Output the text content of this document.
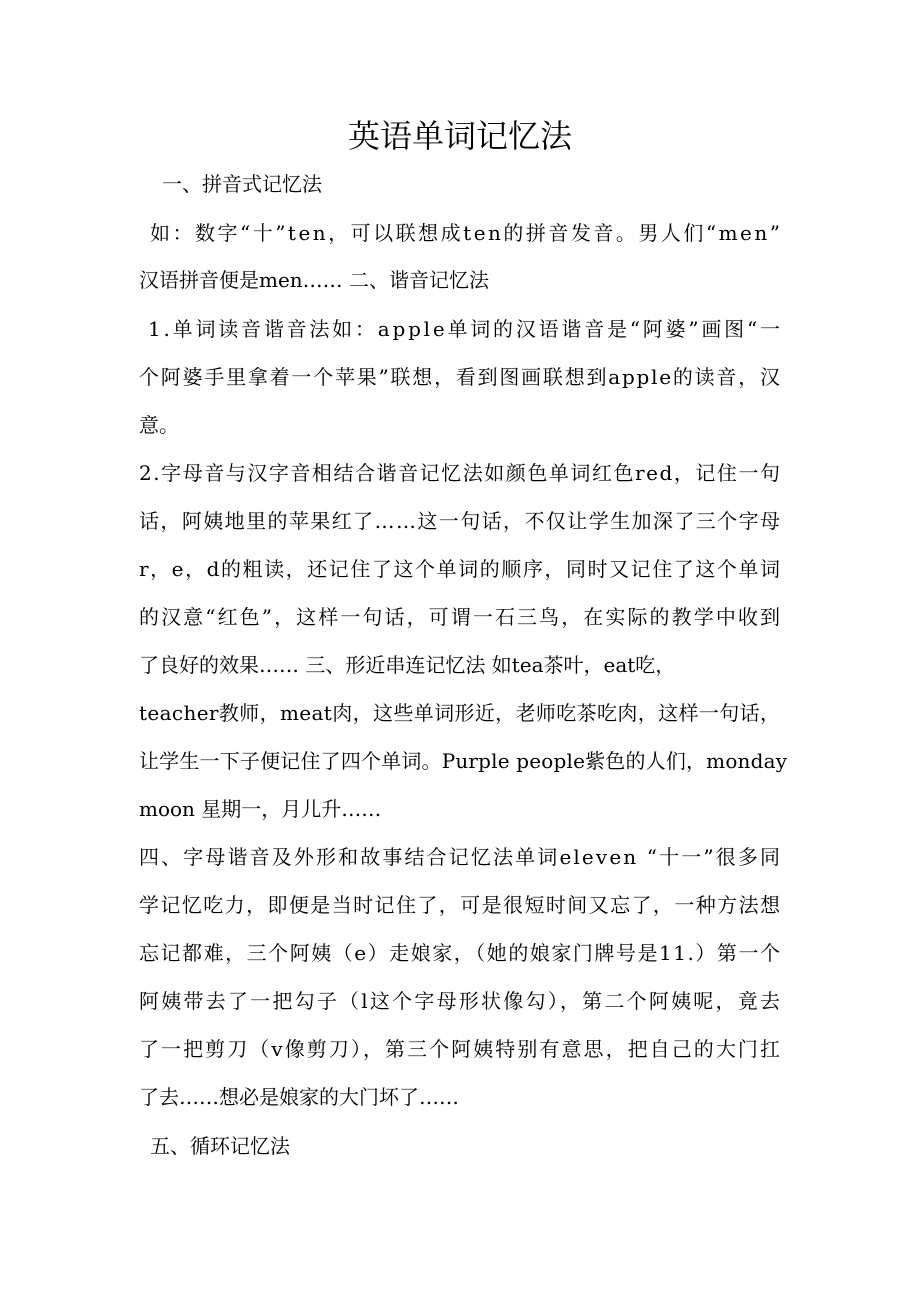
英语单词记忆法
一、拼音式记忆法
如：数字“十”ten，可以联想成ten的拼音发音。男人们“men”
汉语拼音便是men…… 二、谐音记忆法
1.单词读音谐音法如：apple单词的汉语谐音是“阿婆”画图“一
个阿婆手里拿着一个苹果”联想，看到图画联想到apple的读音，汉
意。
2.字母音与汉字音相结合谐音记忆法如颜色单词红色red，记住一句
话，阿姨地里的苹果红了……这一句话，不仅让学生加深了三个字母
r，e，d的粗读，还记住了这个单词的顺序，同时又记住了这个单词
的汉意“红色”，这样一句话，可谓一石三鸟，在实际的教学中收到
了良好的效果…… 三、形近串连记忆法 如tea茶叶，eat吃，
teacher教师，meat肉，这些单词形近，老师吃茶吃肉，这样一句话，
让学生一下子便记住了四个单词。Purple people紫色的人们，monday
moon 星期一，月儿升……
四、字母谐音及外形和故事结合记忆法单词eleven “十一”很多同
学记忆吃力，即便是当时记住了，可是很短时间又忘了，一种方法想
忘记都难，三个阿姨（e）走娘家，（她的娘家门牌号是11.）第一个
阿姨带去了一把勾子（l这个字母形状像勾），第二个阿姨呢，竟去
了一把剪刀（v像剪刀），第三个阿姨特别有意思，把自己的大门扛
了去……想必是娘家的大门坏了……
五、循环记忆法
